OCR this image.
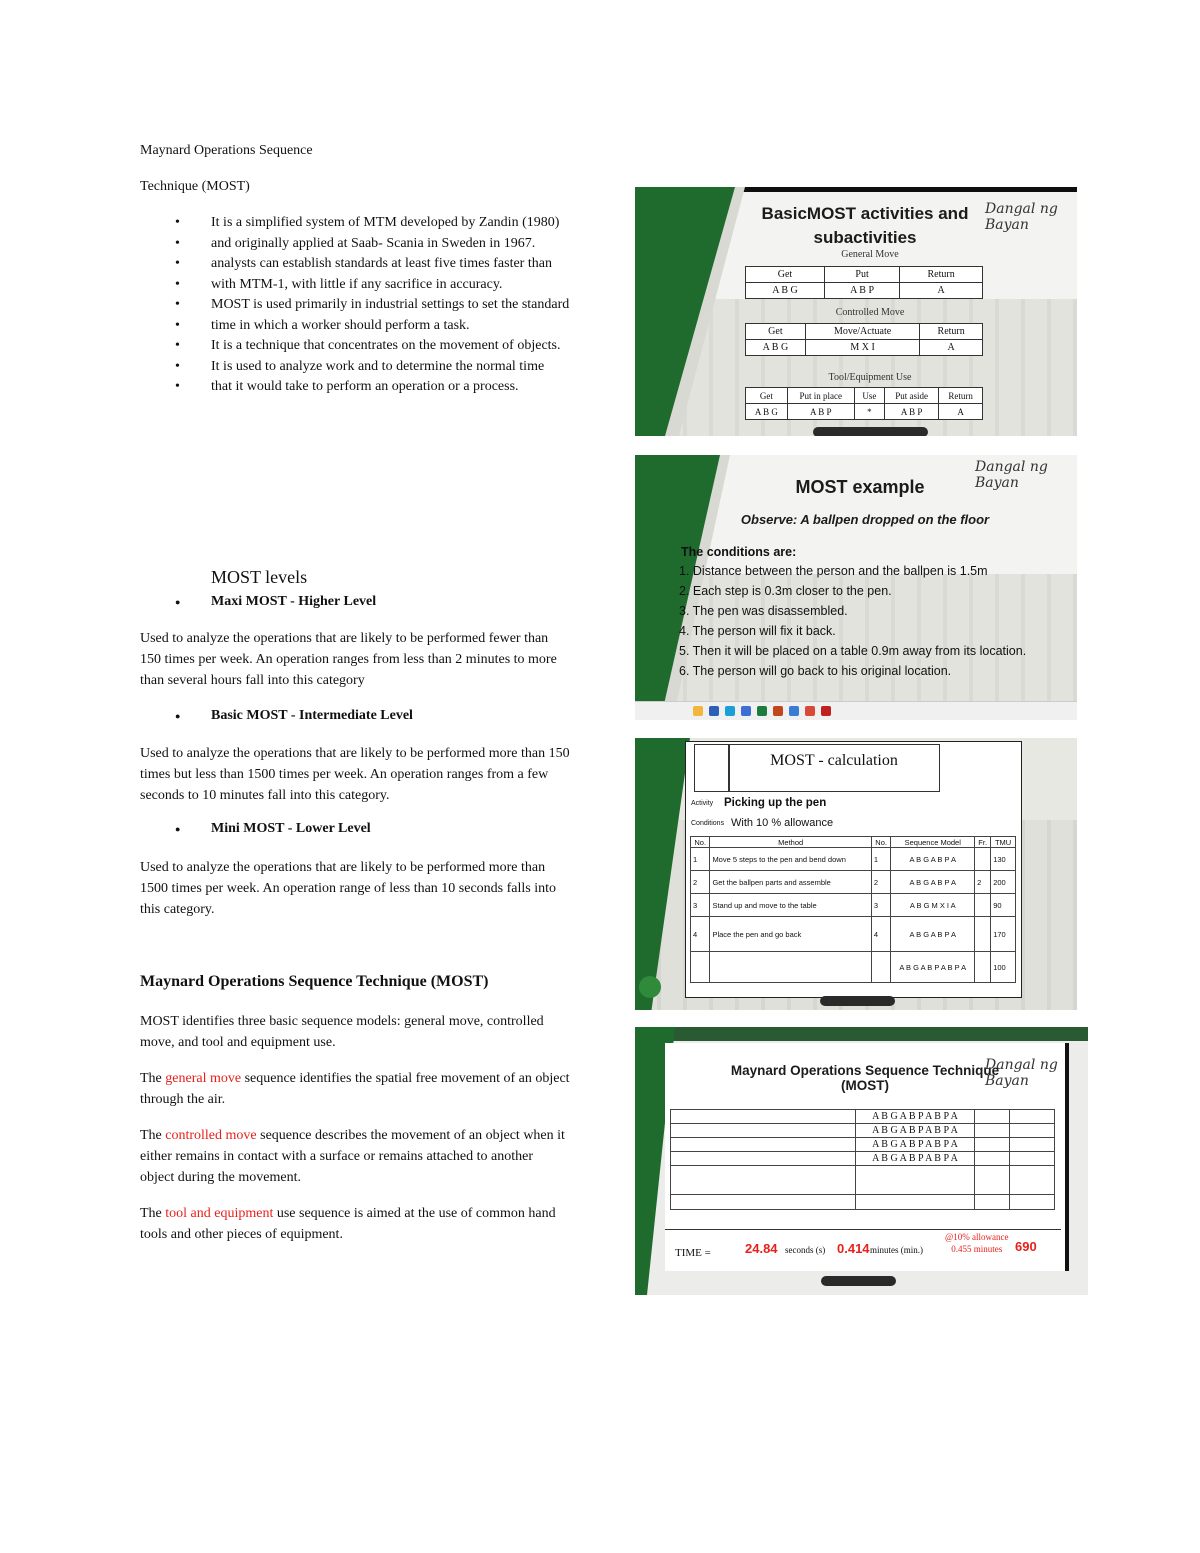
Maynard Operations Sequence
Technique (MOST)
• It is a simplified system of MTM developed by Zandin (1980)
• and originally applied at Saab- Scania in Sweden in 1967.
• analysts can establish standards at least five times faster than
• with MTM-1, with little if any sacrifice in accuracy.
• MOST is used primarily in industrial settings to set the standard
• time in which a worker should perform a task.
• It is a technique that concentrates on the movement of objects.
• It is used to analyze work and to determine the normal time
• that it would take to perform an operation or a process.
MOST levels
● Maxi MOST - Higher Level

Used to analyze the operations that are likely to be performed fewer than 150 times per week. An operation ranges from less than 2 minutes to more than several hours fall into this category

● Basic MOST - Intermediate Level

Used to analyze the operations that are likely to be performed more than 150 times but less than 1500 times per week. An operation ranges from a few seconds to 10 minutes fall into this category.

● Mini MOST - Lower Level

Used to analyze the operations that are likely to be performed more than 1500 times per week. An operation range of less than 10 seconds falls into this category.

Maynard Operations Sequence Technique (MOST)

MOST identifies three basic sequence models: general move, controlled move, and tool and equipment use.

The general move sequence identifies the spatial free movement of an object through the air.

The controlled move sequence describes the movement of an object when it either remains in contact with a surface or remains attached to another object during the movement.

The tool and equipment use sequence is aimed at the use of common hand tools and other pieces of equipment.

BasicMOST activities and
subactivities
Dangal ng Bayan
General Move
Get	Put	Return
A B G	A B P	A
Controlled Move
Get	Move/Actuate	Return
A B G	M X I	A
Tool/Equipment Use
Get	Put in place	Use	Put aside	Return
A B G	A B P	*	A B P	A
MOST example
Dangal ng Bayan
Observe: A ballpen dropped on the floor
The conditions are:
1. Distance between the person and the ballpen is 1.5m
2. Each step is 0.3m closer to the pen.
3. The pen was disassembled.
4. The person will fix it back.
5. Then it will be placed on a table 0.9m away from its location.
6. The person will go back to his original location.
MOST - calculation
Activity Picking up the pen
Conditions With 10 % allowance
No.	Method	No.	Sequence Model	Fr.	TMU
1	Move 5 steps to the pen and bend down	1	A B G A B P A		130
2	Get the ballpen parts and assemble	2	A B G A B P A	2	200
3	Stand up and move to the table	3	A B G M X I A		90
4	Place the pen and go back	4	A B G A B P A		170
			A B G A B P A B P A		100
Maynard Operations Sequence Technique (MOST)
Dangal ng Bayan
	A B G A B P A B P A		
	A B G A B P A B P A		
	A B G A B P A B P A		
	A B G A B P A B P A		

TIME =	24.84 seconds (s) 0.414 minutes (min.)
@10% allowance
0.455 minutes 690
